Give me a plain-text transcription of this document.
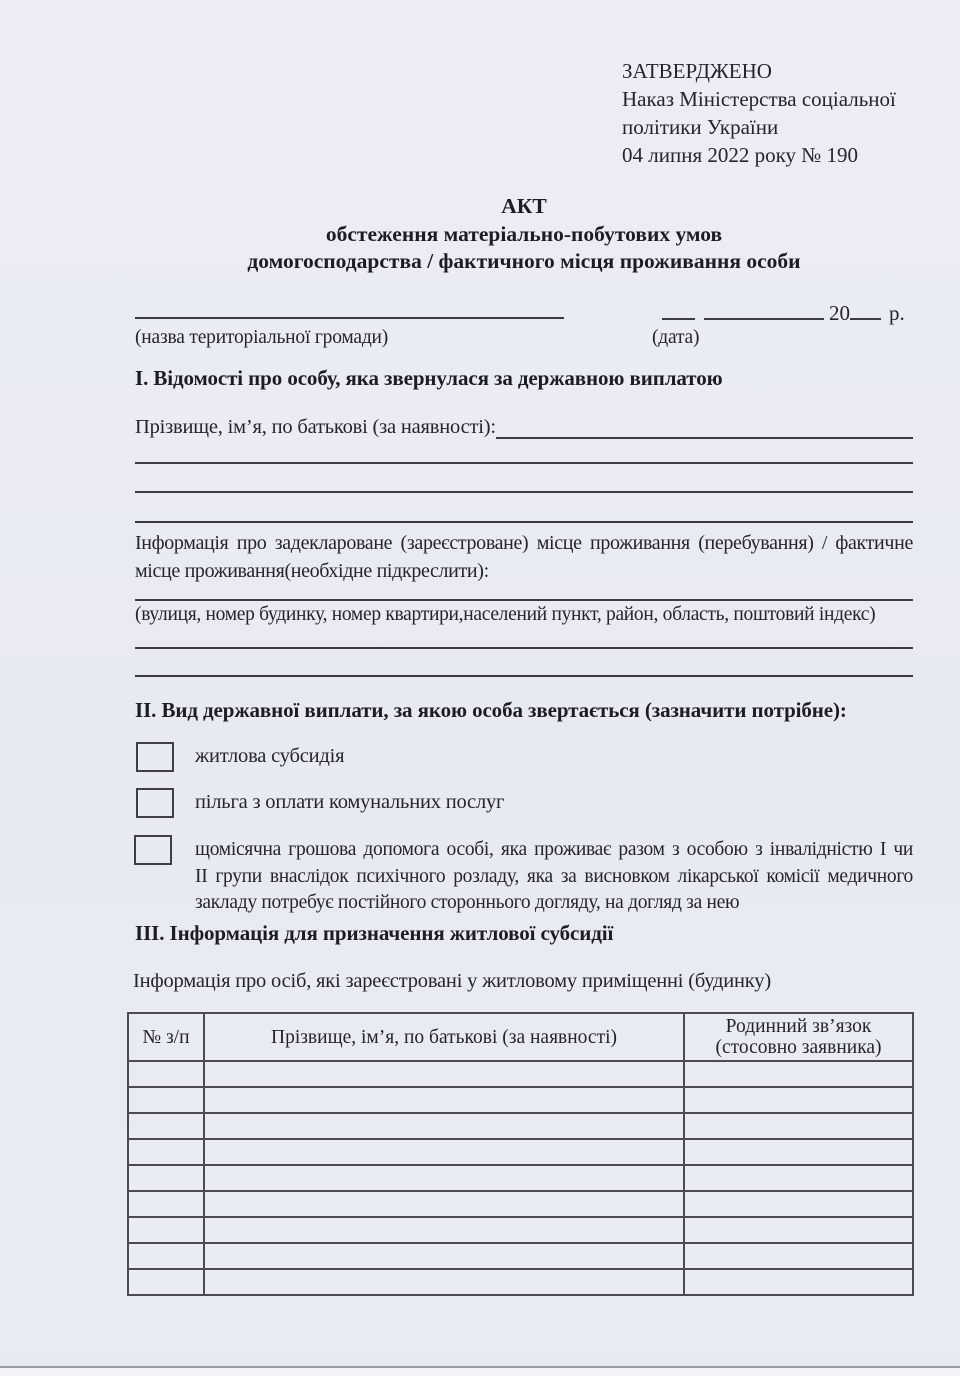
ЗАТВЕРДЖЕНО
Наказ Міністерства соціальної
політики України
04 липня 2022 року № 190
АКТ
обстеження матеріально-побутових умов
домогосподарства / фактичного місця проживання особи
20 р.
(назва територіальної громади)	(дата)
І. Відомості про особу, яка звернулася за державною виплатою
Прізвище, ім’я, по батькові (за наявності):
Інформація про задеклароване (зареєстроване) місце проживання (перебування) / фактичне
місце проживання(необхідне підкреслити):
(вулиця, номер будинку, номер квартири,населений пункт, район, область, поштовий індекс)
ІІ. Вид державної виплати, за якою особа звертається (зазначити потрібне):
житлова субсидія
пільга з оплати комунальних послуг
щомісячна грошова допомога особі, яка проживає разом з особою з інвалідністю І чи
ІІ групи внаслідок психічного розладу, яка за висновком лікарської комісії медичного
закладу потребує постійного стороннього догляду, на догляд за нею
ІІІ. Інформація для призначення житлової субсидії
Інформація про осіб, які зареєстровані у житловому приміщенні (будинку)
№ з/п	Прізвище, ім’я, по батькові (за наявності)	Родинний зв’язок (стосовно заявника)
